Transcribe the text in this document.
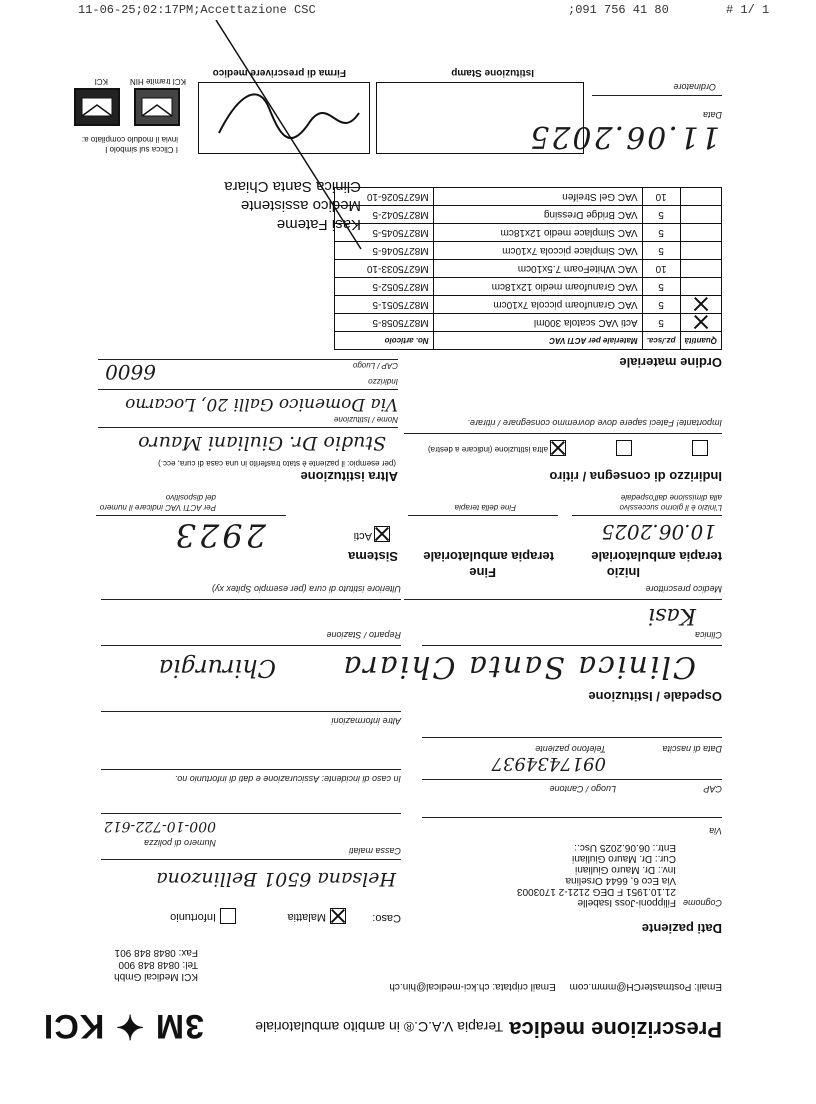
11-06-25;02:17PM;Accettazione CSC	;091 756 41 80	# 1/ 1
Prescrizione medica Terapia V.A.C.® in ambito ambulatoriale
3M ✦ KCI
Email: PostmasterCH@mmm.com     Email criptata: ch.kci-medical@hin.ch
KCI Medical Gmbh
Tel: 0848 848 900
Fax: 0848 848 901
Dati paziente
Cognome
Filipponi-Joss Isabelle
21.10.1951 F DEG 2121-2 1703003
Via Eco 6, 6644 Orselina
Inv.: Dr. Mauro Giuliani
Cur.: Dr. Mauro Giuliani
Entr.: 06.06.2025 Usc.:
Via
CAP
Luogo / Cantone
Data di nascita
Telefono paziente
0917434937
Caso:
Malattia
Infortunio
Helsana 6501 Bellinzona
Cassa malati
Numero di polizza
000-10-722-612
In caso di incidente: Assicurazione e dati di infortunio no.
Altre informazioni
Ospedale / Istituzione
Clinica Santa Chiara
Clinica
Chirurgia
Reparto / Stazione
Kasi
Medico prescrittore
Ulteriore istituto di cura (per esempio Spitex xy)
Inizio
terapia ambulatoriale
Fine
terapia ambulatoriale
10.06.2025
L'inizio è il giorno successivo
alla dimissione dall'ospedale
Fine della terapia
Sistema
Acti
2923
Per ACTI VAC indicare il numero
del dispositivo
Indirizzo di consegna / ritiro
altra istituzione (indicare a destra)
Importante! Fateci sapere dove dovremmo consegnare / ritirare.
Altra istituzione
(per esempio: il paziente è stato trasferito in una casa di cura, ecc.)
Studio Dr. Giuliani Mauro
Nome / Istituzione
Via Domenico Galli 20, Locarno
Indirizzo
CAP / Luogo
6600	Ordine materiale
Quantità	pz./sca.	Materiale per ACTI VAC	No. articolo

	5	Acti VAC scatola 300ml	M8275058-5

	5	VAC Granufoam piccola 7x10cm	M8275051-5
	5	VAC Granufoam medio 12x18cm	M8275052-5
	10	VAC WhiteFoam 7.5x10cm	M6275033-10
	5	VAC Simplace piccola 7x10cm	M8275046-5
	5	VAC Simplace medio 12x18cm	M8275045-5
	5	VAC Bridge Dressing	M8275042-5
	10	VAC Gel Streifen	M6275026-10
Kasi Fateme
Medico assistente
Clinica Santa Chiara
I Clicca sul simbolo I
invia il modulo compilato a:
KCI tramite HIN
KCI
11.06.2025
Data
Ordinatore
Istituzione Stamp
Firma di prescrivere medico
